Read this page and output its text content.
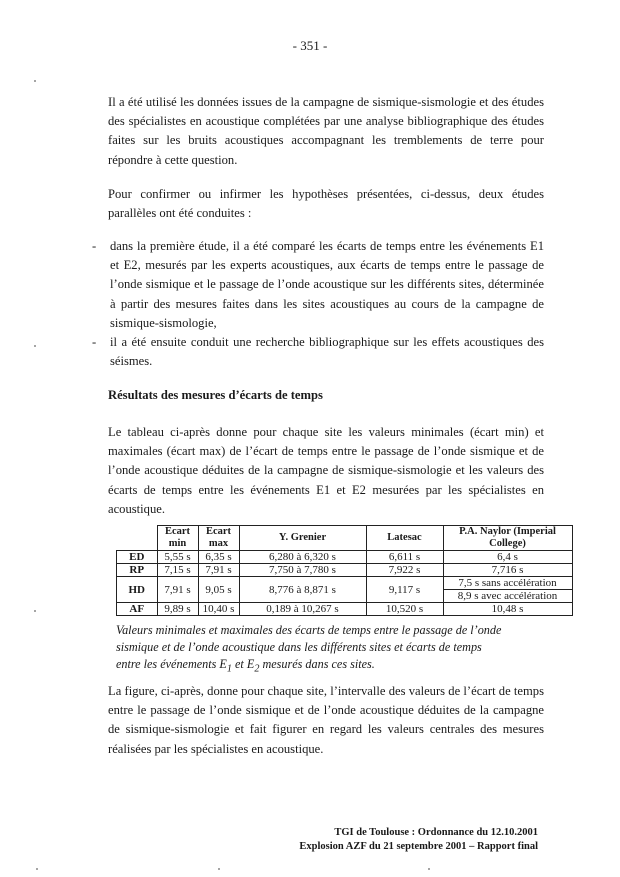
- 351 -

Il a été utilisé les données issues de la campagne de sismique-sismologie et des études des spécialistes en acoustique complétées par une analyse bibliographique des études faites sur les bruits acoustiques accompagnant les tremblements de terre pour répondre à cette question.

Pour confirmer ou infirmer les hypothèses présentées, ci-dessus, deux études parallèles ont été conduites :

- dans la première étude, il a été comparé les écarts de temps entre les événements E1 et E2, mesurés par les experts acoustiques, aux écarts de temps entre le passage de l’onde sismique et le passage de l’onde acoustique sur les différents sites, déterminée à partir des mesures faites dans les sites acoustiques au cours de la campagne de sismique-sismologie,
- il a été ensuite conduit une recherche bibliographique sur les effets acoustiques des séismes.
Résultats des mesures d’écarts de temps

Le tableau ci-après donne pour chaque site les valeurs minimales (écart min) et maximales (écart max) de l’écart de temps entre le passage de l’onde sismique et de l’onde acoustique déduites de la campagne de sismique-sismologie et les valeurs des écarts de temps entre les événements E1 et E2 mesurées par les spécialistes en acoustique.

	Ecart min	Ecart max	Y. Grenier	Latesac	P.A. Naylor (Imperial College)
ED	5,55 s	6,35 s	6,280 à 6,320 s	6,611 s	6,4 s
RP	7,15 s	7,91 s	7,750 à 7,780 s	7,922 s	7,716 s
HD	7,91 s	9,05 s	8,776 à 8,871 s	9,117 s	7,5 s sans accélération
8,9 s avec accélération

AF	9,89 s	10,40 s	0,189 à 10,267 s	10,520 s	10,48 s

Valeurs minimales et maximales des écarts de temps entre le passage de l’onde
sismique et de l’onde acoustique dans les différents sites et écarts de temps
entre les événements $E_1$ et $E_2$ mesurés dans ces sites.

La figure, ci-après, donne pour chaque site, l’intervalle des valeurs de l’écart de temps entre le passage de l’onde sismique et de l’onde acoustique déduites de la campagne de sismique-sismologie et fait figurer en regard les valeurs centrales des mesures réalisées par les spécialistes en acoustique.

TGI de Toulouse : Ordonnance du 12.10.2001
Explosion AZF du 21 septembre 2001 – Rapport final
